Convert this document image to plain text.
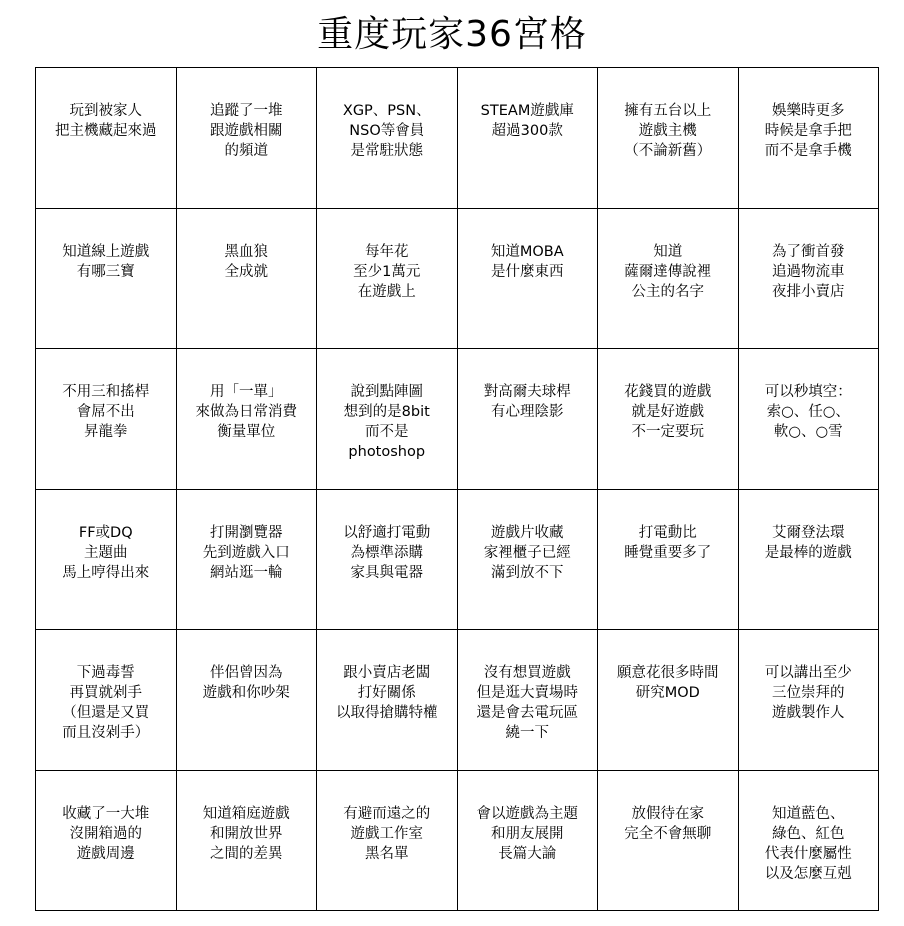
重度玩家36宮格
玩到被家人
把主機藏起來過
追蹤了一堆
跟遊戲相關
的頻道
XGP、PSN、
NSO等會員
是常駐狀態
STEAM遊戲庫
超過300款
擁有五台以上
遊戲主機
（不論新舊）
娛樂時更多
時候是拿手把
而不是拿手機
知道線上遊戲
有哪三寶
黑血狼
全成就
每年花
至少1萬元
在遊戲上
知道MOBA
是什麼東西
知道
薩爾達傳說裡
公主的名字
為了衝首發
追過物流車
夜排小賣店
不用三和搖桿
會屌不出
昇龍拳
用「一單」
來做為日常消費
衡量單位
說到點陣圖
想到的是8bit
而不是
photoshop
對高爾夫球桿
有心理陰影
花錢買的遊戲
就是好遊戲
不一定要玩
可以秒填空：
索○、任○、
軟○、○雪
FF或DQ
主題曲
馬上哼得出來
打開瀏覽器
先到遊戲入口
網站逛一輪
以舒適打電動
為標準添購
家具與電器
遊戲片收藏
家裡櫃子已經
滿到放不下
打電動比
睡覺重要多了
艾爾登法環
是最棒的遊戲
下過毒誓
再買就剁手
（但還是又買
而且沒剁手）
伴侶曾因為
遊戲和你吵架
跟小賣店老闆
打好關係
以取得搶購特權
沒有想買遊戲
但是逛大賣場時
還是會去電玩區
繞一下
願意花很多時間
研究MOD
可以講出至少
三位崇拜的
遊戲製作人
收藏了一大堆
沒開箱過的
遊戲周邊
知道箱庭遊戲
和開放世界
之間的差異
有避而遠之的
遊戲工作室
黑名單
會以遊戲為主題
和朋友展開
長篇大論
放假待在家
完全不會無聊
知道藍色、
綠色、紅色
代表什麼屬性
以及怎麼互剋
